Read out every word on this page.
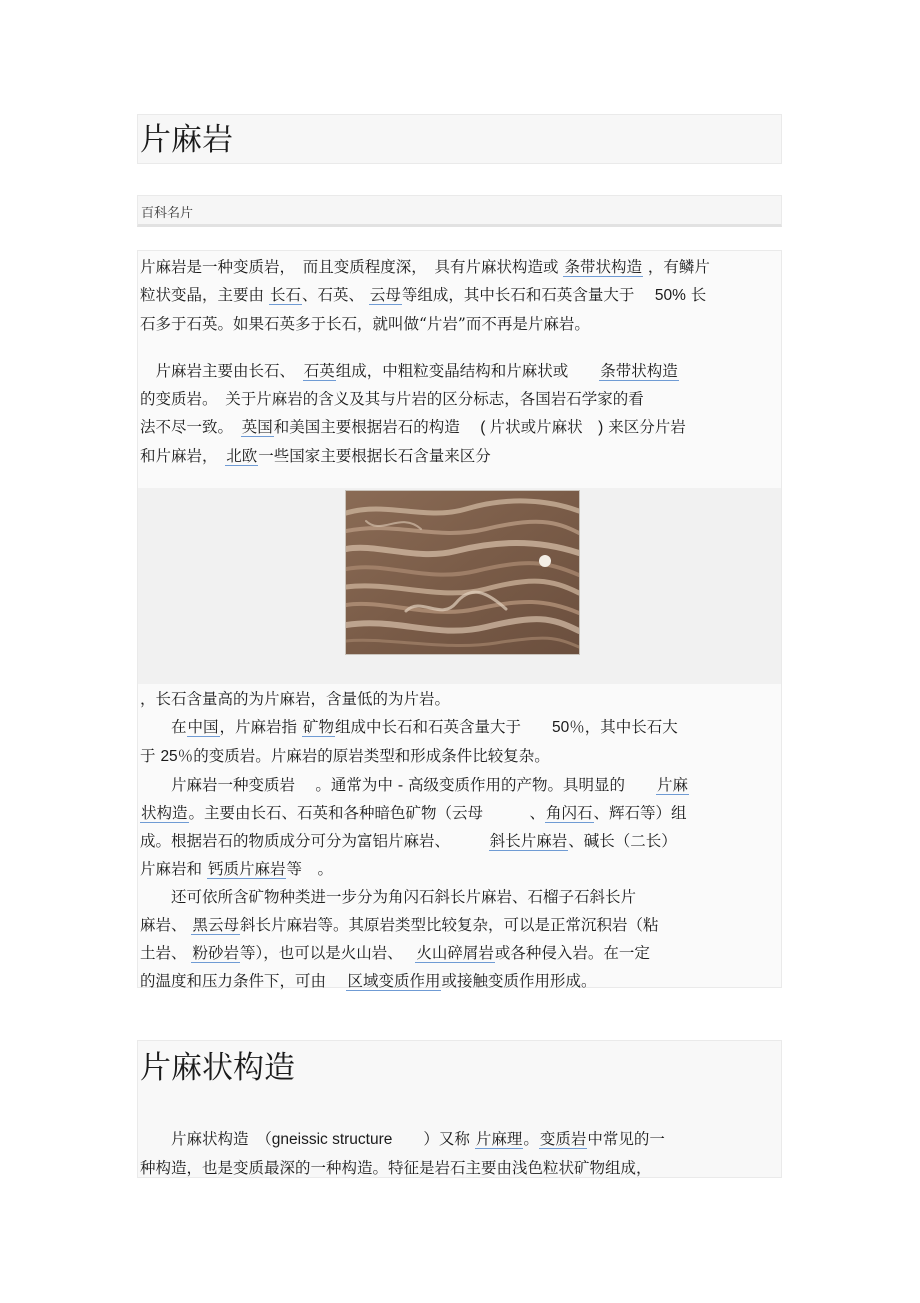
片麻岩
百科名片
片麻岩是一种变质岩，　而且变质程度深，　具有片麻状构造或 条带状构造 ，有鳞片
粒状变晶，主要由 长石、石英、 云母等组成，其中长石和石英含量大于　 50% 长
石多于石英。如果石英多于长石，就叫做“片岩”而不再是片麻岩。
　片麻岩主要由长石、　石英组成，中粗粒变晶结构和片麻状或　　条带状构造
的变质岩。　关于片麻岩的含义及其与片岩的区分标志，各国岩石学家的看
法不尽一致。　英国和美国主要根据岩石的构造　 ( 片状或片麻状　) 来区分片岩
和片麻岩，　北欧一些国家主要根据长石含量来区分
，长石含量高的为片麻岩，含量低的为片岩。
　　在中国，片麻岩指 矿物组成中长石和石英含量大于　　50％，其中长石大
于 25％的变质岩。片麻岩的原岩类型和形成条件比较复杂。
　　片麻岩一种变质岩　 。通常为中 - 高级变质作用的产物。具明显的　　片麻
状构造。主要由长石、石英和各种暗色矿物（云母　　　、角闪石、辉石等）组
成。根据岩石的物质成分可分为富铝片麻岩、　　　斜长片麻岩、碱长（二长）
片麻岩和 钙质片麻岩等　。
　　还可依所含矿物种类进一步分为角闪石斜长片麻岩、石榴子石斜长片
麻岩、 黑云母斜长片麻岩等。其原岩类型比较复杂，可以是正常沉积岩（粘
土岩、 粉砂岩等），也可以是火山岩、　 火山碎屑岩或各种侵入岩。在一定
的温度和压力条件下，可由　 区域变质作用或接触变质作用形成。
片麻状构造
　　片麻状构造　（gneissic structure　　）又称 片麻理。变质岩中常见的一
种构造，也是变质最深的一种构造。特征是岩石主要由浅色粒状矿物组成，
